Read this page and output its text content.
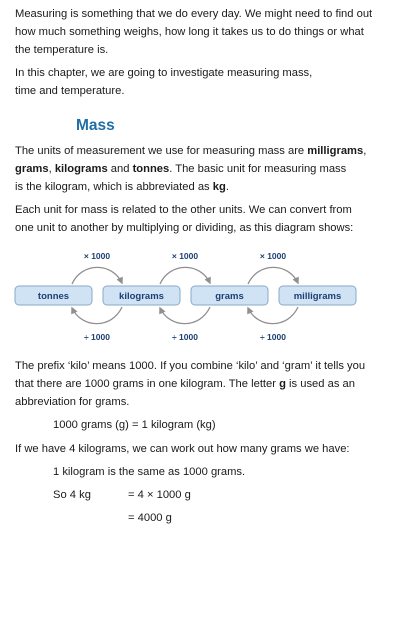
Measuring is something that we do every day. We might need to find out
how much something weighs, how long it takes us to do things or what
the temperature is.
In this chapter, we are going to investigate measuring mass,
time and temperature.
Mass
The units of measurement we use for measuring mass are milligrams,
grams, kilograms and tonnes. The basic unit for measuring mass
is the kilogram, which is abbreviated as kg.
Each unit for mass is related to the other units. We can convert from
one unit to another by multiplying or dividing, as this diagram shows:
tonnes	kilograms	grams	milligrams
× 1000	× 1000	× 1000
÷ 1000	÷ 1000	÷ 1000
The prefix ‘kilo’ means 1000. If you combine ‘kilo’ and ‘gram’ it tells you
that there are 1000 grams in one kilogram. The letter g is used as an
abbreviation for grams.
1000 grams (g) = 1 kilogram (kg)
If we have 4 kilograms, we can work out how many grams we have:
1 kilogram is the same as 1000 grams.
So 4 kg	= 4 × 1000 g
= 4000 g
